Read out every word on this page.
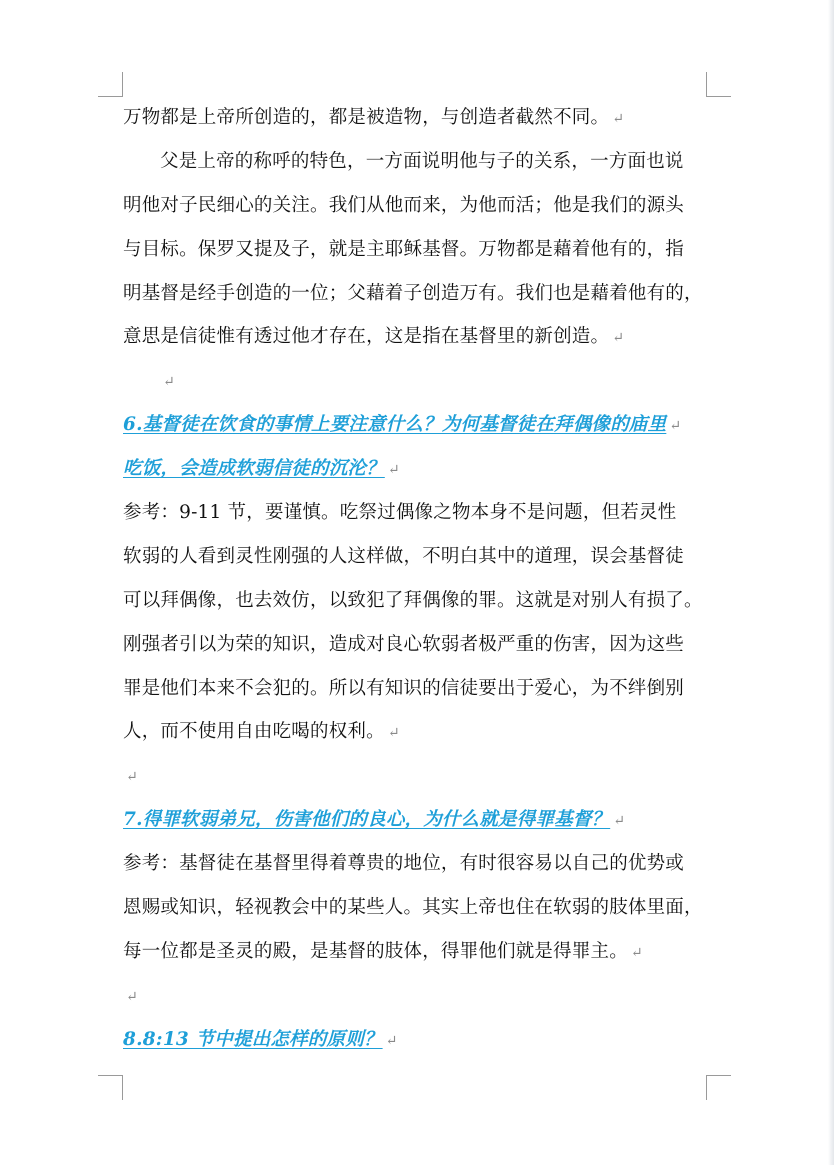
万物都是上帝所创造的，都是被造物，与创造者截然不同。 ↵
父是上帝的称呼的特色，一方面说明他与子的关系，一方面也说
明他对子民细心的关注。我们从他而来，为他而活；他是我们的源头
与目标。保罗又提及子，就是主耶稣基督。万物都是藉着他有的，指
明基督是经手创造的一位；父藉着子创造万有。我们也是藉着他有的，
意思是信徒惟有透过他才存在，这是指在基督里的新创造。 ↵
↵
6.基督徒在饮食的事情上要注意什么？为何基督徒在拜偶像的庙里 ↵
吃饭，会造成软弱信徒的沉沦？ ↵
参考：9-11 节，要谨慎。吃祭过偶像之物本身不是问题，但若灵性
软弱的人看到灵性刚强的人这样做，不明白其中的道理，误会基督徒
可以拜偶像，也去效仿，以致犯了拜偶像的罪。这就是对别人有损了。
刚强者引以为荣的知识，造成对良心软弱者极严重的伤害，因为这些
罪是他们本来不会犯的。所以有知识的信徒要出于爱心，为不绊倒别
人，而不使用自由吃喝的权利。 ↵
↵
7.得罪软弱弟兄，伤害他们的良心，为什么就是得罪基督？ ↵
参考：基督徒在基督里得着尊贵的地位，有时很容易以自己的优势或
恩赐或知识，轻视教会中的某些人。其实上帝也住在软弱的肢体里面，
每一位都是圣灵的殿，是基督的肢体，得罪他们就是得罪主。 ↵
↵
8.8:13 节中提出怎样的原则？ ↵
